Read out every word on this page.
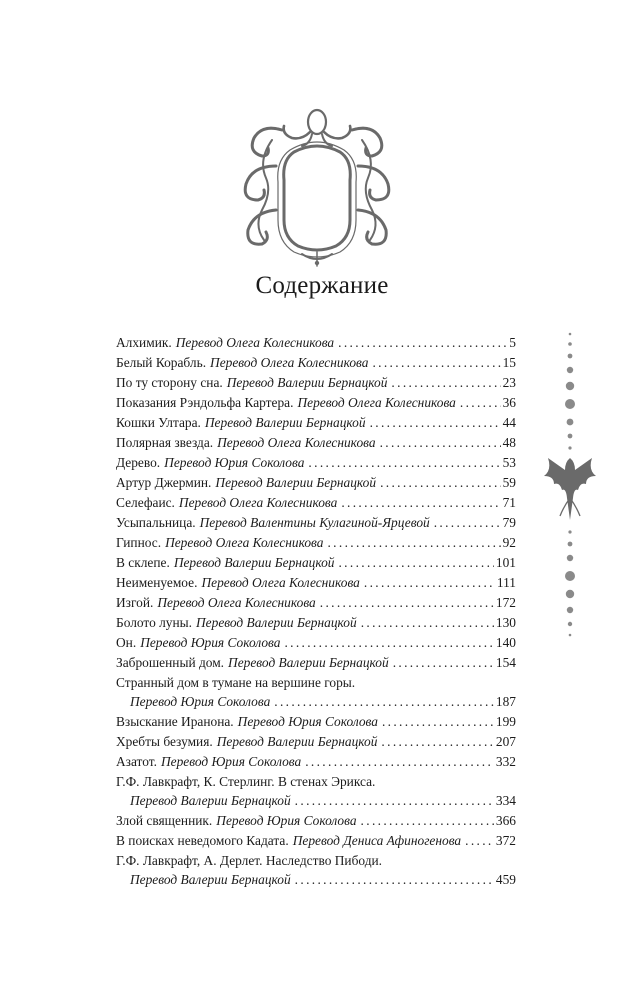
Содержание
Алхимик. Перевод Олега Колесникова . . .	5
Белый Корабль. Перевод Олега Колесникова . . .	15
По ту сторону сна. Перевод Валерии Бернацкой . . .	23
Показания Рэндольфа Картера. Перевод Олега Колесникова . . .	36
Кошки Ултара. Перевод Валерии Бернацкой . . .	44
Полярная звезда. Перевод Олега Колесникова . . .	48
Дерево. Перевод Юрия Соколова . . .	53
Артур Джермин. Перевод Валерии Бернацкой . . .	59
Селефаис. Перевод Олега Колесникова . . .	71
Усыпальница. Перевод Валентины Кулагиной-Ярцевой . . .	79
Гипнос. Перевод Олега Колесникова . . .	92
В склепе. Перевод Валерии Бернацкой . . .	101
Неименуемое. Перевод Олега Колесникова . . .	111
Изгой. Перевод Олега Колесникова . . .	172
Болото луны. Перевод Валерии Бернацкой . . .	130
Он. Перевод Юрия Соколова . . .	140
Заброшенный дом. Перевод Валерии Бернацкой . . .	154
Странный дом в тумане на вершине горы.
Перевод Юрия Соколова . . .	187
Взыскание Иранона. Перевод Юрия Соколова . . .	199
Хребты безумия. Перевод Валерии Бернацкой . . .	207
Азатот. Перевод Юрия Соколова . . .	332
Г.Ф. Лавкрафт, К. Стерлинг. В стенах Эрикса.
Перевод Валерии Бернацкой . . .	334
Злой священник. Перевод Юрия Соколова . . .	366
В поисках неведомого Кадата. Перевод Дениса Афиногенова . . .	372
Г.Ф. Лавкрафт, А. Дерлет. Наследство Пибоди.
Перевод Валерии Бернацкой . . .	459
